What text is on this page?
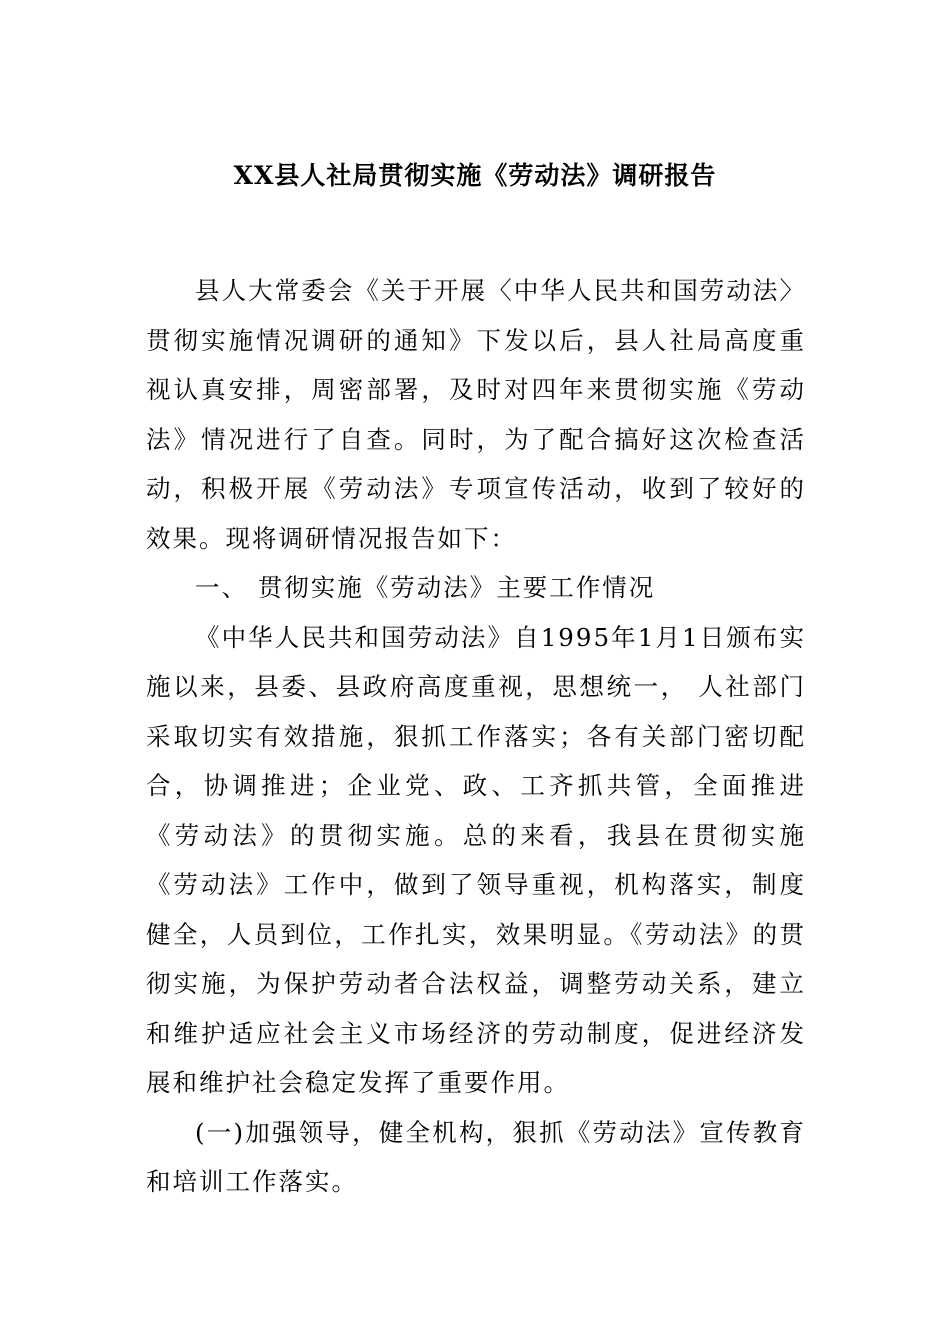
XX县人社局贯彻实施《劳动法》调研报告

县人大常委会《关于开展〈中华人民共和国劳动法〉贯彻实施情况调研的通知》下发以后，县人社局高度重视认真安排，周密部署，及时对四年来贯彻实施《劳动法》情况进行了自查。同时，为了配合搞好这次检查活动，积极开展《劳动法》专项宣传活动，收到了较好的效果。现将调研情况报告如下：

一、 贯彻实施《劳动法》主要工作情况

《中华人民共和国劳动法》自1995年1月1日颁布实施以来，县委、县政府高度重视，思想统一， 人社部门采取切实有效措施，狠抓工作落实；各有关部门密切配合，协调推进；企业党、政、工齐抓共管，全面推进《劳动法》的贯彻实施。总的来看，我县在贯彻实施《劳动法》工作中，做到了领导重视，机构落实，制度健全，人员到位，工作扎实，效果明显。《劳动法》的贯彻实施，为保护劳动者合法权益，调整劳动关系，建立和维护适应社会主义市场经济的劳动制度，促进经济发展和维护社会稳定发挥了重要作用。

(一)加强领导，健全机构，狠抓《劳动法》宣传教育和培训工作落实。
